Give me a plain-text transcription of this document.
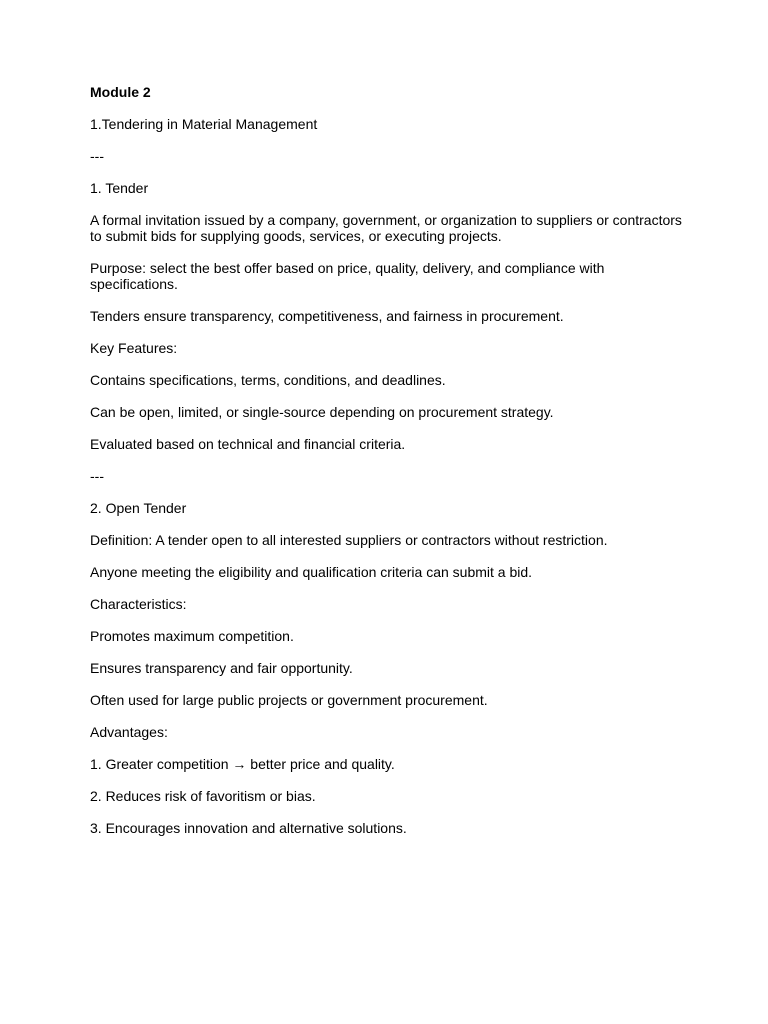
Module 2
1.Tendering in Material Management
---
1. Tender
A formal invitation issued by a company, government, or organization to suppliers or contractors to submit bids for supplying goods, services, or executing projects.
Purpose: select the best offer based on price, quality, delivery, and compliance with specifications.
Tenders ensure transparency, competitiveness, and fairness in procurement.
Key Features:
Contains specifications, terms, conditions, and deadlines.
Can be open, limited, or single-source depending on procurement strategy.
Evaluated based on technical and financial criteria.
---
2. Open Tender
Definition: A tender open to all interested suppliers or contractors without restriction.
Anyone meeting the eligibility and qualification criteria can submit a bid.
Characteristics:
Promotes maximum competition.
Ensures transparency and fair opportunity.
Often used for large public projects or government procurement.
Advantages:
1. Greater competition → better price and quality.
2. Reduces risk of favoritism or bias.
3. Encourages innovation and alternative solutions.
